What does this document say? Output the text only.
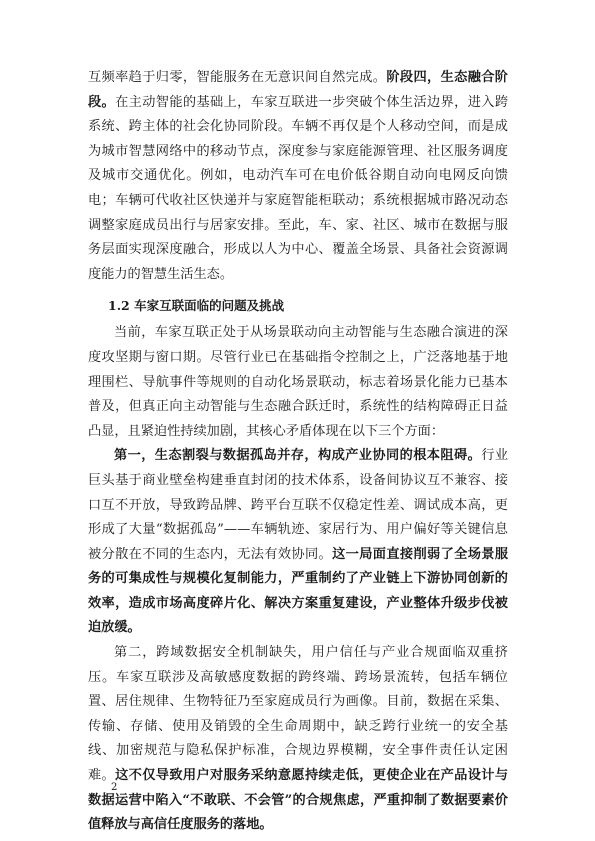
互频率趋于归零，智能服务在无意识间自然完成。阶段四，生态融合阶段。在主动智能的基础上，车家互联进一步突破个体生活边界，进入跨系统、跨主体的社会化协同阶段。车辆不再仅是个人移动空间，而是成为城市智慧网络中的移动节点，深度参与家庭能源管理、社区服务调度及城市交通优化。例如，电动汽车可在电价低谷期自动向电网反向馈电；车辆可代收社区快递并与家庭智能柜联动；系统根据城市路况动态调整家庭成员出行与居家安排。至此，车、家、社区、城市在数据与服务层面实现深度融合，形成以人为中心、覆盖全场景、具备社会资源调度能力的智慧生活生态。

1.2 车家互联面临的问题及挑战

当前，车家互联正处于从场景联动向主动智能与生态融合演进的深度攻坚期与窗口期。尽管行业已在基础指令控制之上，广泛落地基于地理围栏、导航事件等规则的自动化场景联动，标志着场景化能力已基本普及，但真正向主动智能与生态融合跃迁时，系统性的结构障碍正日益凸显，且紧迫性持续加剧，其核心矛盾体现在以下三个方面：

第一，生态割裂与数据孤岛并存，构成产业协同的根本阻碍。行业巨头基于商业壁垒构建垂直封闭的技术体系，设备间协议互不兼容、接口互不开放，导致跨品牌、跨平台互联不仅稳定性差、调试成本高，更形成了大量“数据孤岛”——车辆轨迹、家居行为、用户偏好等关键信息被分散在不同的生态内，无法有效协同。这一局面直接削弱了全场景服务的可集成性与规模化复制能力，严重制约了产业链上下游协同创新的效率，造成市场高度碎片化、解决方案重复建设，产业整体升级步伐被迫放缓。

第二，跨域数据安全机制缺失，用户信任与产业合规面临双重挤压。车家互联涉及高敏感度数据的跨终端、跨场景流转，包括车辆位置、居住规律、生物特征乃至家庭成员行为画像。目前，数据在采集、传输、存储、使用及销毁的全生命周期中，缺乏跨行业统一的安全基线、加密规范与隐私保护标准，合规边界模糊，安全事件责任认定困难。这不仅导致用户对服务采纳意愿持续走低，更使企业在产品设计与数据运营中陷入“不敢联、不会管”的合规焦虑，严重抑制了数据要素价值释放与高信任度服务的落地。

2
